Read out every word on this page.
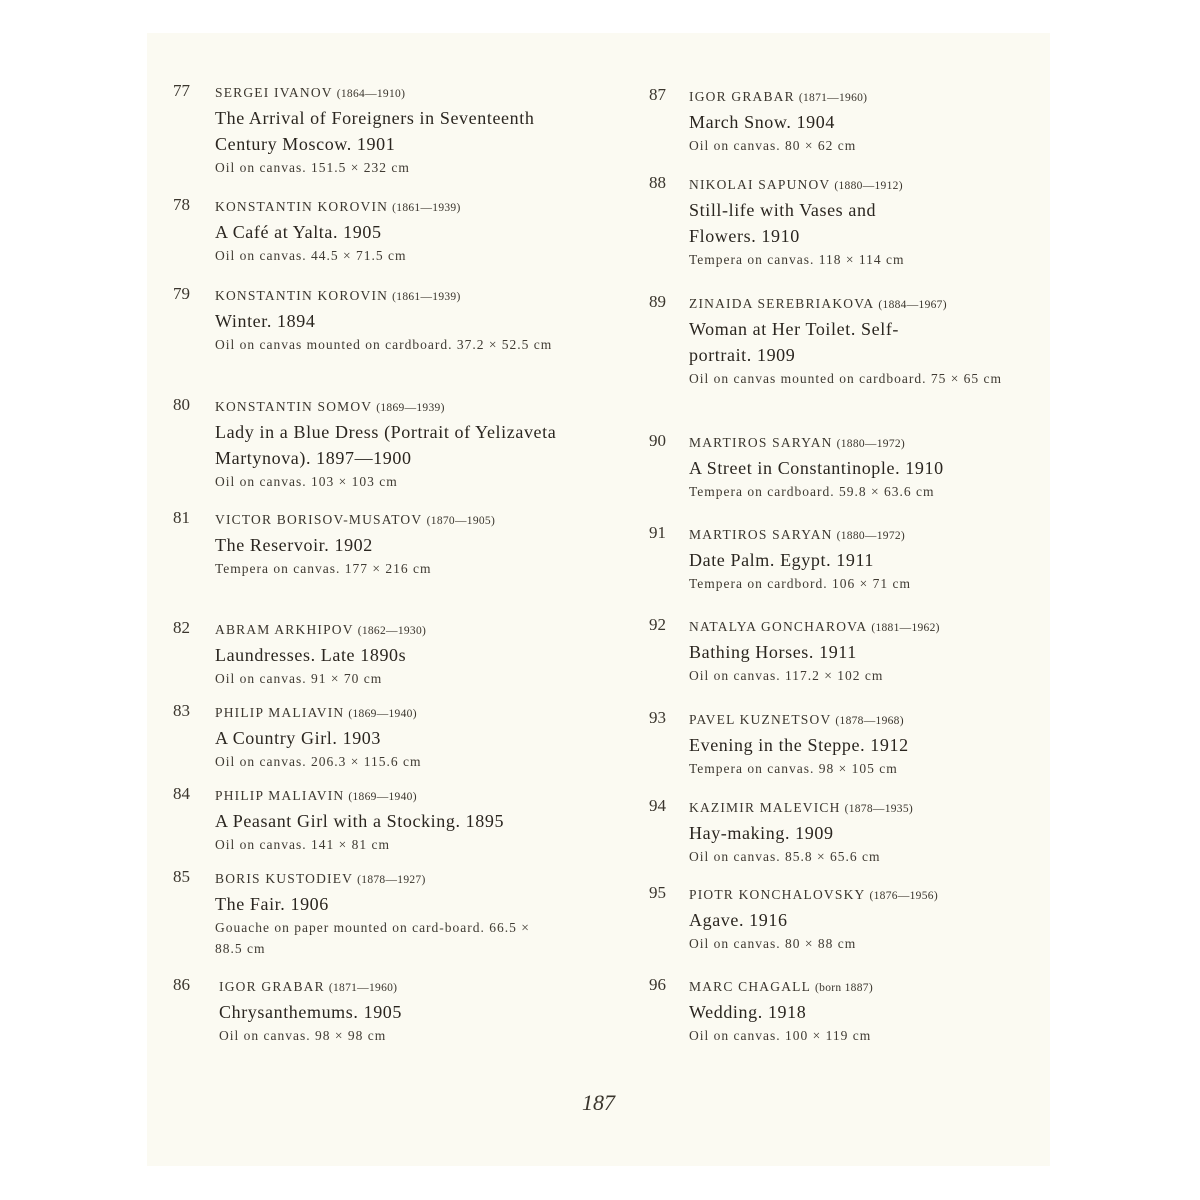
77 SERGEI IVANOV (1864—1910)
The Arrival of Foreigners in Seventeenth Century Moscow. 1901
Oil on canvas. 151.5 × 232 cm
78 KONSTANTIN KOROVIN (1861—1939)
A Café at Yalta. 1905
Oil on canvas. 44.5 × 71.5 cm
79 KONSTANTIN KOROVIN (1861—1939)
Winter. 1894
Oil on canvas mounted on cardboard. 37.2 × 52.5 cm
80 KONSTANTIN SOMOV (1869—1939)
Lady in a Blue Dress (Portrait of Yelizaveta Martynova). 1897—1900
Oil on canvas. 103 × 103 cm
81 VICTOR BORISOV-MUSATOV (1870—1905)
The Reservoir. 1902
Tempera on canvas. 177 × 216 cm
82 ABRAM ARKHIPOV (1862—1930)
Laundresses. Late 1890s
Oil on canvas. 91 × 70 cm
83 PHILIP MALIAVIN (1869—1940)
A Country Girl. 1903
Oil on canvas. 206.3 × 115.6 cm
84 PHILIP MALIAVIN (1869—1940)
A Peasant Girl with a Stocking. 1895
Oil on canvas. 141 × 81 cm
85 BORIS KUSTODIEV (1878—1927)
The Fair. 1906
Gouache on paper mounted on card-board. 66.5 × 88.5 cm
86 IGOR GRABAR (1871—1960)
Chrysanthemums. 1905
Oil on canvas. 98 × 98 cm
87 IGOR GRABAR (1871—1960)
March Snow. 1904
Oil on canvas. 80 × 62 cm
88 NIKOLAI SAPUNOV (1880—1912)
Still-life with Vases and Flowers. 1910
Tempera on canvas. 118 × 114 cm
89 ZINAIDA SEREBRIAKOVA (1884—1967)
Woman at Her Toilet. Self-portrait. 1909
Oil on canvas mounted on cardboard. 75 × 65 cm
90 MARTIROS SARYAN (1880—1972)
A Street in Constantinople. 1910
Tempera on cardboard. 59.8 × 63.6 cm
91 MARTIROS SARYAN (1880—1972)
Date Palm. Egypt. 1911
Tempera on cardbord. 106 × 71 cm
92 NATALYA GONCHAROVA (1881—1962)
Bathing Horses. 1911
Oil on canvas. 117.2 × 102 cm
93 PAVEL KUZNETSOV (1878—1968)
Evening in the Steppe. 1912
Tempera on canvas. 98 × 105 cm
94 KAZIMIR MALEVICH (1878—1935)
Hay-making. 1909
Oil on canvas. 85.8 × 65.6 cm
95 PIOTR KONCHALOVSKY (1876—1956)
Agave. 1916
Oil on canvas. 80 × 88 cm
96 MARC CHAGALL (born 1887)
Wedding. 1918
Oil on canvas. 100 × 119 cm
187
